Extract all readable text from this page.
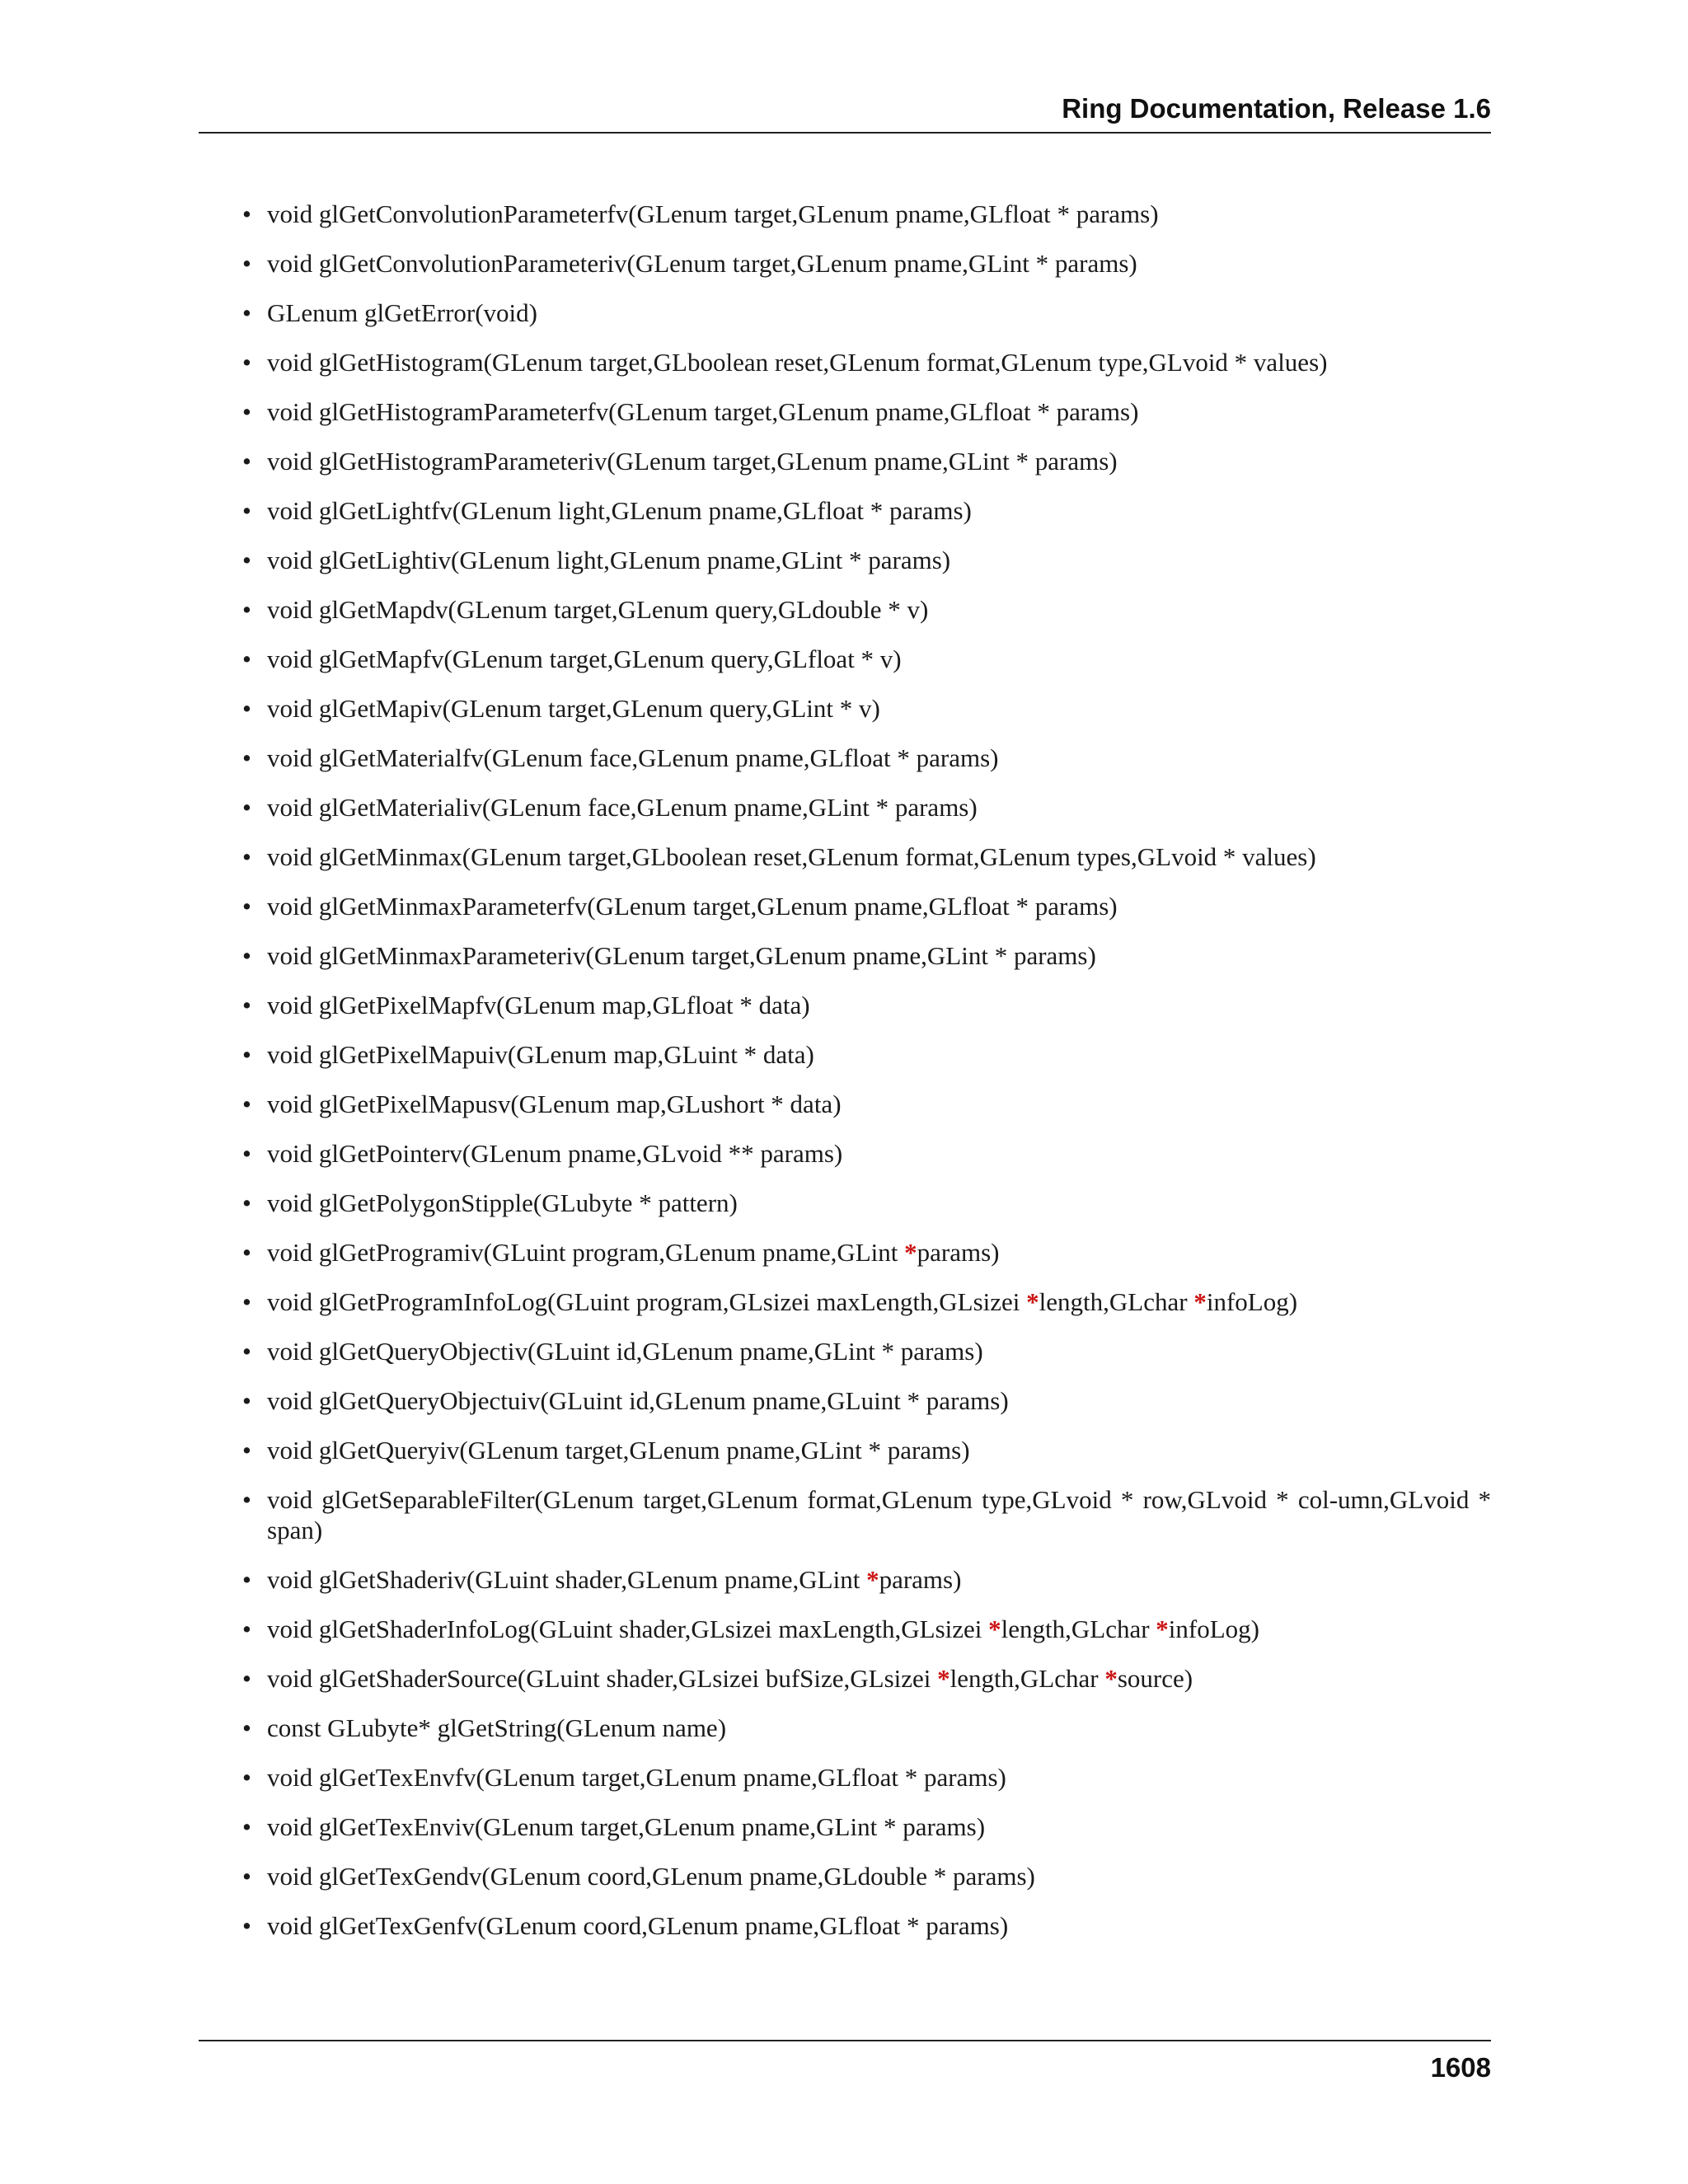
Ring Documentation, Release 1.6
• void glGetConvolutionParameterfv(GLenum target,GLenum pname,GLfloat * params)
• void glGetConvolutionParameteriv(GLenum target,GLenum pname,GLint * params)
• GLenum glGetError(void)
• void glGetHistogram(GLenum target,GLboolean reset,GLenum format,GLenum type,GLvoid * values)
• void glGetHistogramParameterfv(GLenum target,GLenum pname,GLfloat * params)
• void glGetHistogramParameteriv(GLenum target,GLenum pname,GLint * params)
• void glGetLightfv(GLenum light,GLenum pname,GLfloat * params)
• void glGetLightiv(GLenum light,GLenum pname,GLint * params)
• void glGetMapdv(GLenum target,GLenum query,GLdouble * v)
• void glGetMapfv(GLenum target,GLenum query,GLfloat * v)
• void glGetMapiv(GLenum target,GLenum query,GLint * v)
• void glGetMaterialfv(GLenum face,GLenum pname,GLfloat * params)
• void glGetMaterialiv(GLenum face,GLenum pname,GLint * params)
• void glGetMinmax(GLenum target,GLboolean reset,GLenum format,GLenum types,GLvoid * values)
• void glGetMinmaxParameterfv(GLenum target,GLenum pname,GLfloat * params)
• void glGetMinmaxParameteriv(GLenum target,GLenum pname,GLint * params)
• void glGetPixelMapfv(GLenum map,GLfloat * data)
• void glGetPixelMapuiv(GLenum map,GLuint * data)
• void glGetPixelMapusv(GLenum map,GLushort * data)
• void glGetPointerv(GLenum pname,GLvoid ** params)
• void glGetPolygonStipple(GLubyte * pattern)
• void glGetProgramiv(GLuint program,GLenum pname,GLint *params)
• void glGetProgramInfoLog(GLuint program,GLsizei maxLength,GLsizei *length,GLchar *infoLog)
• void glGetQueryObjectiv(GLuint id,GLenum pname,GLint * params)
• void glGetQueryObjectuiv(GLuint id,GLenum pname,GLuint * params)
• void glGetQueryiv(GLenum target,GLenum pname,GLint * params)
• void glGetSeparableFilter(GLenum target,GLenum format,GLenum type,GLvoid * row,GLvoid * col-umn,GLvoid * span)
• void glGetShaderiv(GLuint shader,GLenum pname,GLint *params)
• void glGetShaderInfoLog(GLuint shader,GLsizei maxLength,GLsizei *length,GLchar *infoLog)
• void glGetShaderSource(GLuint shader,GLsizei bufSize,GLsizei *length,GLchar *source)
• const GLubyte* glGetString(GLenum name)
• void glGetTexEnvfv(GLenum target,GLenum pname,GLfloat * params)
• void glGetTexEnviv(GLenum target,GLenum pname,GLint * params)
• void glGetTexGendv(GLenum coord,GLenum pname,GLdouble * params)
• void glGetTexGenfv(GLenum coord,GLenum pname,GLfloat * params)
1608
